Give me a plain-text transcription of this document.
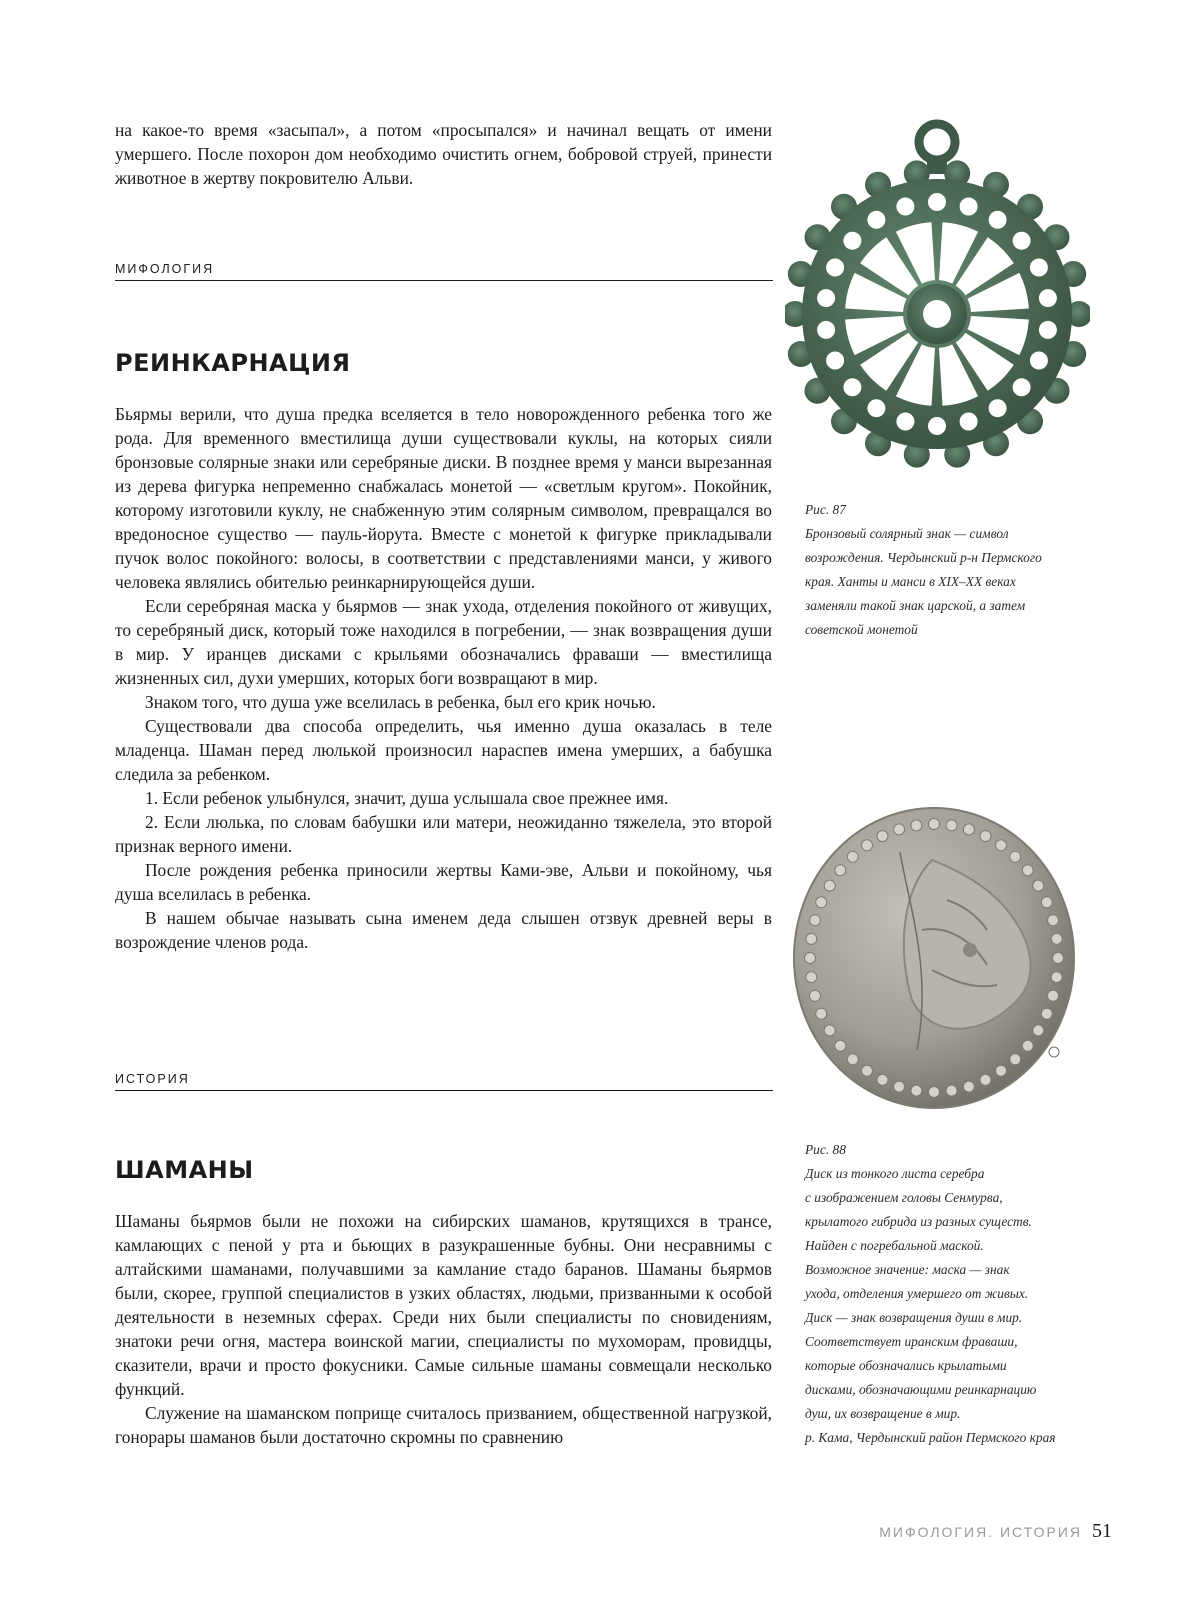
на какое-то время «засыпал», а потом «просыпался» и начинал вещать от имени умершего. После похорон дом необходимо очистить огнем, бобровой струей, принести животное в жертву покровителю Альви.

МИФОЛОГИЯ
РЕИНКАРНАЦИЯ

Бьярмы верили, что душа предка вселяется в тело новорожденного ребенка того же рода. Для временного вместилища души существовали куклы, на которых сияли бронзовые солярные знаки или серебряные диски. В позднее время у манси вырезанная из дерева фигурка непременно снабжалась монетой — «светлым кругом». Покойник, которому изготовили куклу, не снабженную этим солярным символом, превращался во вредоносное существо — пауль-йорута. Вместе с монетой к фигурке прикладывали пучок волос покойного: волосы, в соответствии с представлениями манси, у живого человека являлись обителью реинкарнирующейся души.

Если серебряная маска у бьярмов — знак ухода, отделения покойного от живущих, то серебряный диск, который тоже находился в погребении, — знак возвращения души в мир. У иранцев дисками с крыльями обозначались фраваши — вместилища жизненных сил, духи умерших, которых боги возвращают в мир.

Знаком того, что душа уже вселилась в ребенка, был его крик ночью.

Существовали два способа определить, чья именно душа оказалась в теле младенца. Шаман перед люлькой произносил нараспев имена умерших, а бабушка следила за ребенком.

1. Если ребенок улыбнулся, значит, душа услышала свое прежнее имя.

2. Если люлька, по словам бабушки или матери, неожиданно тяжелела, это второй признак верного имени.

После рождения ребенка приносили жертвы Ками-эве, Альви и покойному, чья душа вселилась в ребенка.

В нашем обычае называть сына именем деда слышен отзвук древней веры в возрождение членов рода.

ИСТОРИЯ
ШАМАНЫ

Шаманы бьярмов были не похожи на сибирских шаманов, крутящихся в трансе, камлающих с пеной у рта и бьющих в разукрашенные бубны. Они несравнимы с алтайскими шаманами, получавшими за камлание стадо баранов. Шаманы бьярмов были, скорее, группой специалистов в узких областях, людьми, призванными к особой деятельности в неземных сферах. Среди них были специалисты по сновидениям, знатоки речи огня, мастера воинской магии, специалисты по мухоморам, провидцы, сказители, врачи и просто фокусники. Самые сильные шаманы совмещали несколько функций.

Служение на шаманском поприще считалось призванием, общественной нагрузкой, гонорары шаманов были достаточно скромны по сравнению

Рис. 87
Бронзовый солярный знак — символ
возрождения. Чердынский р-н Пермского
края. Ханты и манси в XIX–XX веках
заменяли такой знак царской, а затем
советской монетой
Рис. 88
Диск из тонкого листа серебра
с изображением головы Сенмурва,
крылатого гибрида из разных существ.
Найден с погребальной маской.
Возможное значение: маска — знак
ухода, отделения умершего от живых.
Диск — знак возвращения души в мир.
Соответствует иранским фраваши,
которые обозначались крылатыми
дисками, обозначающими реинкарнацию
душ, их возвращение в мир.
р. Кама, Чердынский район Пермского края
МИФОЛОГИЯ. ИСТОРИЯ 51
